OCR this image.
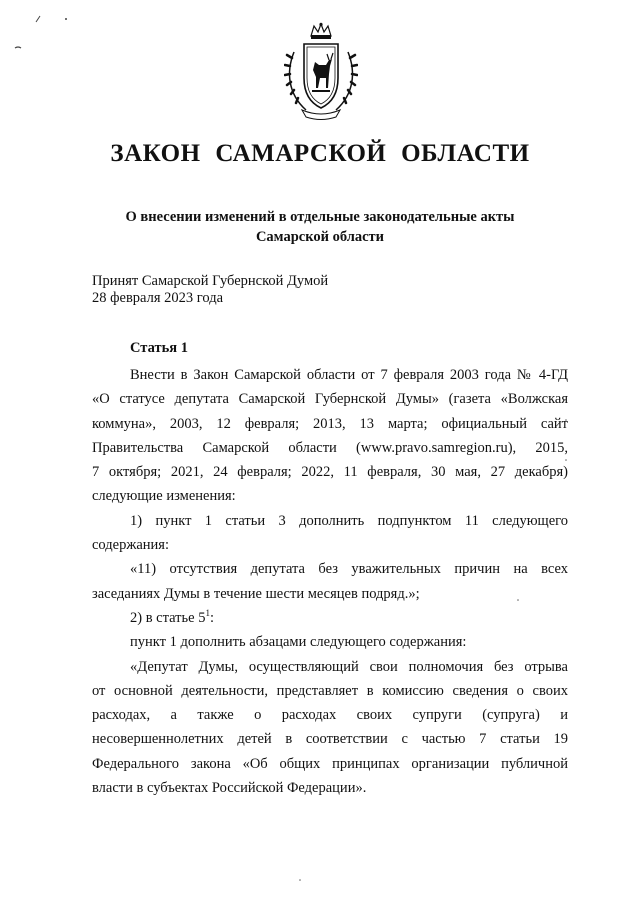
ЗАКОН САМАРСКОЙ ОБЛАСТИ
О внесении изменений в отдельные законодательные акты
Самарской области
Принят Самарской Губернской Думой
28 февраля 2023 года
Статья 1
Внести в Закон Самарской области от 7 февраля 2003 года № 4-ГД
«О статусе депутата Самарской Губернской Думы» (газета «Волжская
коммуна», 2003, 12 февраля; 2013, 13 марта; официальный сайт
Правительства Самарской области (www.pravo.samregion.ru), 2015,
7 октября; 2021, 24 февраля; 2022, 11 февраля, 30 мая, 27 декабря)
следующие изменения:
1) пункт 1 статьи 3 дополнить подпунктом 11 следующего
содержания:
«11) отсутствия депутата без уважительных причин на всех
заседаниях Думы в течение шести месяцев подряд.»;
2) в статье $5^1$:
пункт 1 дополнить абзацами следующего содержания:
«Депутат Думы, осуществляющий свои полномочия без отрыва
от основной деятельности, представляет в комиссию сведения о своих
расходах, а также о расходах своих супруги (супруга) и
несовершеннолетних детей в соответствии с частью 7 статьи 19
Федерального закона «Об общих принципах организации публичной
власти в субъектах Российской Федерации».
